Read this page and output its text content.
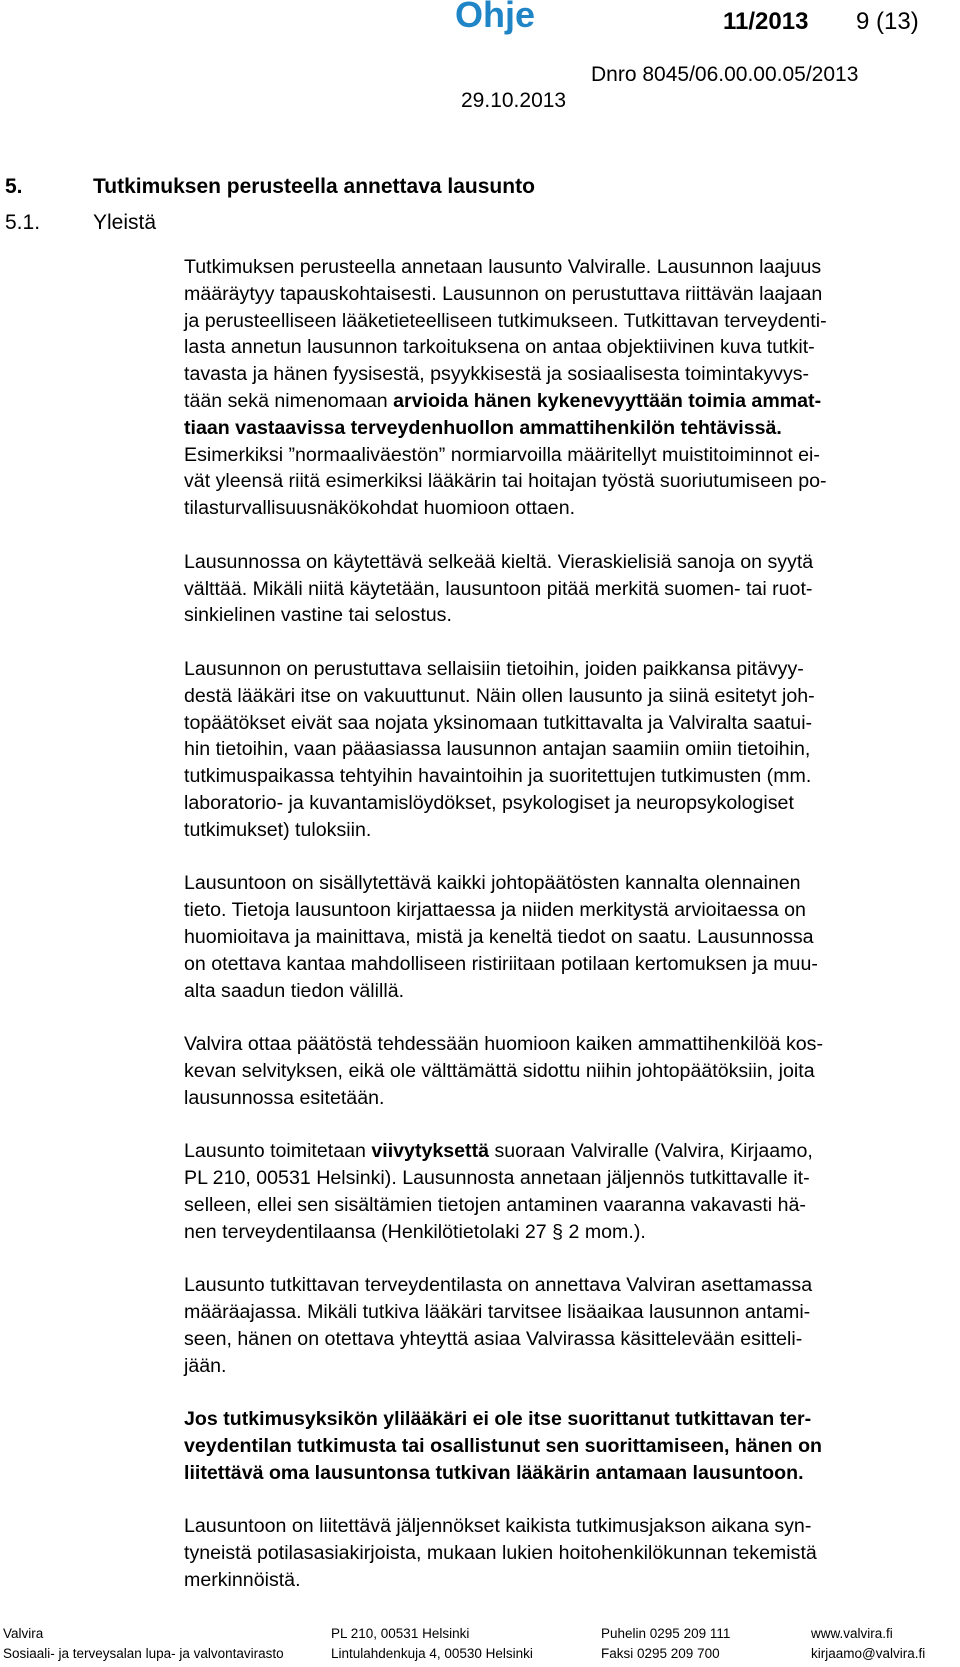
Ohje	11/2013 9 (13)
Dnro 8045/06.00.00.05/2013
29.10.2013
5.	Tutkimuksen perusteella annettava lausunto
5.1.	Yleistä
Tutkimuksen perusteella annetaan lausunto Valviralle. Lausunnon laajuus
määräytyy tapauskohtaisesti. Lausunnon on perustuttava riittävän laajaan
ja perusteelliseen lääketieteelliseen tutkimukseen. Tutkittavan terveydenti-
lasta annetun lausunnon tarkoituksena on antaa objektiivinen kuva tutkit-
tavasta ja hänen fyysisestä, psyykkisestä ja sosiaalisesta toimintakyvys-
tään sekä nimenomaan arvioida hänen kykenevyyttään toimia ammat-
tiaan vastaavissa terveydenhuollon ammattihenkilön tehtävissä.
Esimerkiksi ”normaaliväestön” normiarvoilla määritellyt muistitoiminnot ei-
vät yleensä riitä esimerkiksi lääkärin tai hoitajan työstä suoriutumiseen po-
tilasturvallisuusnäkökohdat huomioon ottaen.
Lausunnossa on käytettävä selkeää kieltä. Vieraskielisiä sanoja on syytä
välttää. Mikäli niitä käytetään, lausuntoon pitää merkitä suomen- tai ruot-
sinkielinen vastine tai selostus.
Lausunnon on perustuttava sellaisiin tietoihin, joiden paikkansa pitävyy-
destä lääkäri itse on vakuuttunut. Näin ollen lausunto ja siinä esitetyt joh-
topäätökset eivät saa nojata yksinomaan tutkittavalta ja Valviralta saatui-
hin tietoihin, vaan pääasiassa lausunnon antajan saamiin omiin tietoihin,
tutkimuspaikassa tehtyihin havaintoihin ja suoritettujen tutkimusten (mm.
laboratorio- ja kuvantamislöydökset, psykologiset ja neuropsykologiset
tutkimukset) tuloksiin.
Lausuntoon on sisällytettävä kaikki johtopäätösten kannalta olennainen
tieto. Tietoja lausuntoon kirjattaessa ja niiden merkitystä arvioitaessa on
huomioitava ja mainittava, mistä ja keneltä tiedot on saatu. Lausunnossa
on otettava kantaa mahdolliseen ristiriitaan potilaan kertomuksen ja muu-
alta saadun tiedon välillä.
Valvira ottaa päätöstä tehdessään huomioon kaiken ammattihenkilöä kos-
kevan selvityksen, eikä ole välttämättä sidottu niihin johtopäätöksiin, joita
lausunnossa esitetään.
Lausunto toimitetaan viivytyksettä suoraan Valviralle (Valvira, Kirjaamo,
PL 210, 00531 Helsinki). Lausunnosta annetaan jäljennös tutkittavalle it-
selleen, ellei sen sisältämien tietojen antaminen vaaranna vakavasti hä-
nen terveydentilaansa (Henkilötietolaki 27 § 2 mom.).
Lausunto tutkittavan terveydentilasta on annettava Valviran asettamassa
määräajassa. Mikäli tutkiva lääkäri tarvitsee lisäaikaa lausunnon antami-
seen, hänen on otettava yhteyttä asiaa Valvirassa käsittelevään esitteli-
jään.
Jos tutkimusyksikön ylilääkäri ei ole itse suorittanut tutkittavan ter-
veydentilan tutkimusta tai osallistunut sen suorittamiseen, hänen on
liitettävä oma lausuntonsa tutkivan lääkärin antamaan lausuntoon.
Lausuntoon on liitettävä jäljennökset kaikista tutkimusjakson aikana syn-
tyneistä potilasasiakirjoista, mukaan lukien hoitohenkilökunnan tekemistä
merkinnöistä.
Valvira
Sosiaali- ja terveysalan lupa- ja valvontavirasto
PL 210, 00531 Helsinki
Lintulahdenkuja 4, 00530 Helsinki
Puhelin 0295 209 111
Faksi 0295 209 700
www.valvira.fi
kirjaamo@valvira.fi
